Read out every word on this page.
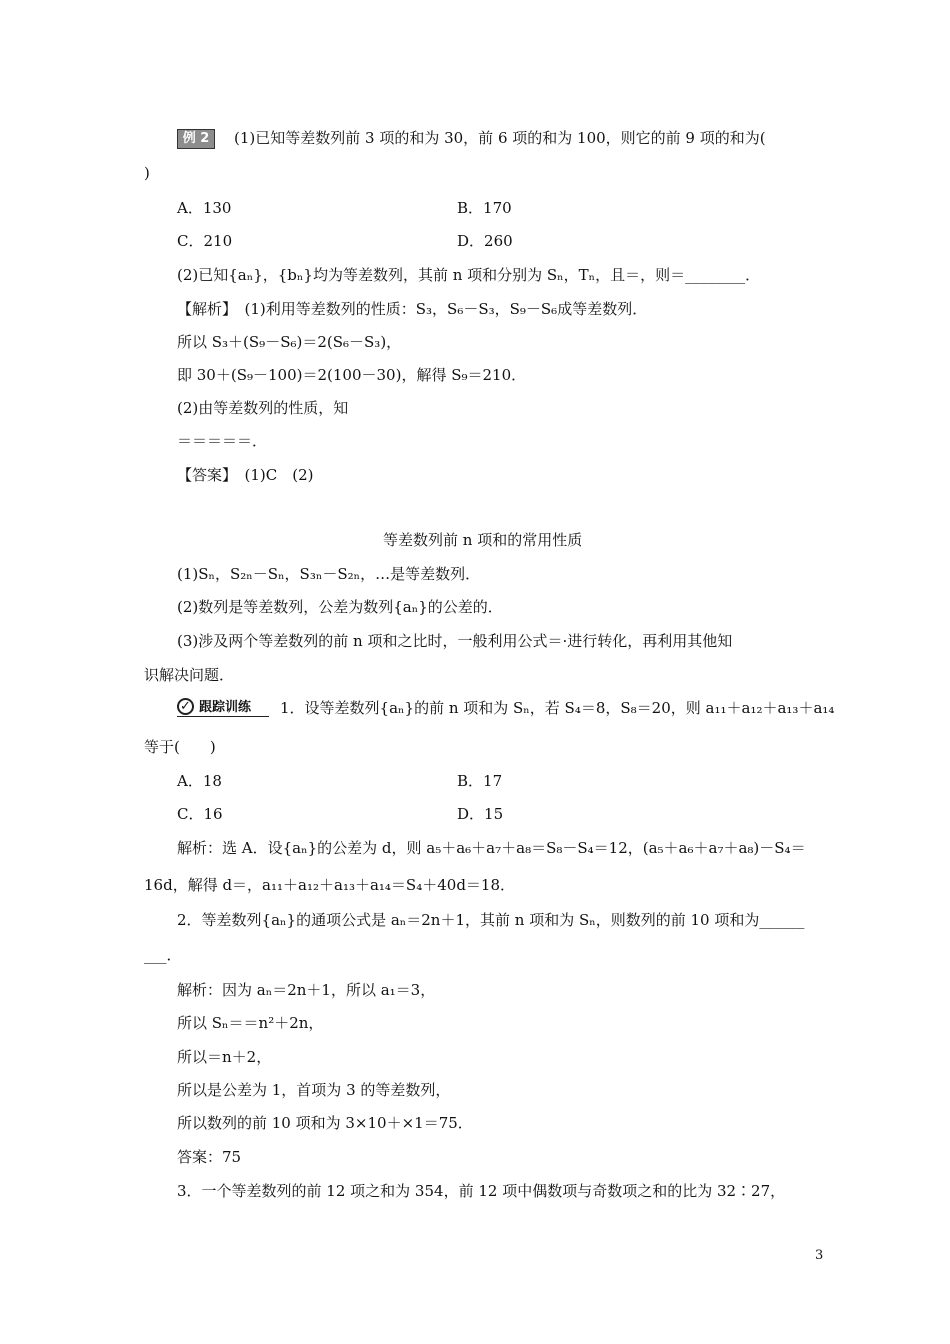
例 2	(1)已知等差数列前 3 项的和为 30，前 6 项的和为 100，则它的前 9 项的和为(
)
A．130	B．170
C．210	D．260
(2)已知{aₙ}，{bₙ}均为等差数列，其前 n 项和分别为 Sₙ，Tₙ，且＝，则＝________．
【解析】　(1)利用等差数列的性质：S₃，S₆－S₃，S₉－S₆成等差数列．
所以 S₃＋(S₉－S₆)＝2(S₆－S₃)，
即 30＋(S₉－100)＝2(100－30)，解得 S₉＝210．
(2)由等差数列的性质，知
＝＝＝＝＝．
【答案】　(1)C　(2)
等差数列前 n 项和的常用性质
(1)Sₙ，S₂ₙ－Sₙ，S₃ₙ－S₂ₙ，…是等差数列．
(2)数列是等差数列，公差为数列{aₙ}的公差的．
(3)涉及两个等差数列的前 n 项和之比时，一般利用公式＝·进行转化，再利用其他知
识解决问题．
✓ 跟踪训练	1．设等差数列{aₙ}的前 n 项和为 Sₙ，若 S₄＝8，S₈＝20，则 a₁₁＋a₁₂＋a₁₃＋a₁₄
等于(　　)
A．18	B．17
C．16	D．15
解析：选 A．设{aₙ}的公差为 d，则 a₅＋a₆＋a₇＋a₈＝S₈－S₄＝12，(a₅＋a₆＋a₇＋a₈)－S₄＝
16d，解得 d＝，a₁₁＋a₁₂＋a₁₃＋a₁₄＝S₄＋40d＝18．
2．等差数列{aₙ}的通项公式是 aₙ＝2n＋1，其前 n 项和为 Sₙ，则数列的前 10 项和为______
___．
解析：因为 aₙ＝2n＋1，所以 a₁＝3，
所以 Sₙ＝＝n²＋2n，
所以＝n＋2，
所以是公差为 1，首项为 3 的等差数列，
所以数列的前 10 项和为 3×10＋×1＝75．
答案：75
3．一个等差数列的前 12 项之和为 354，前 12 项中偶数项与奇数项之和的比为 32∶27，
3
